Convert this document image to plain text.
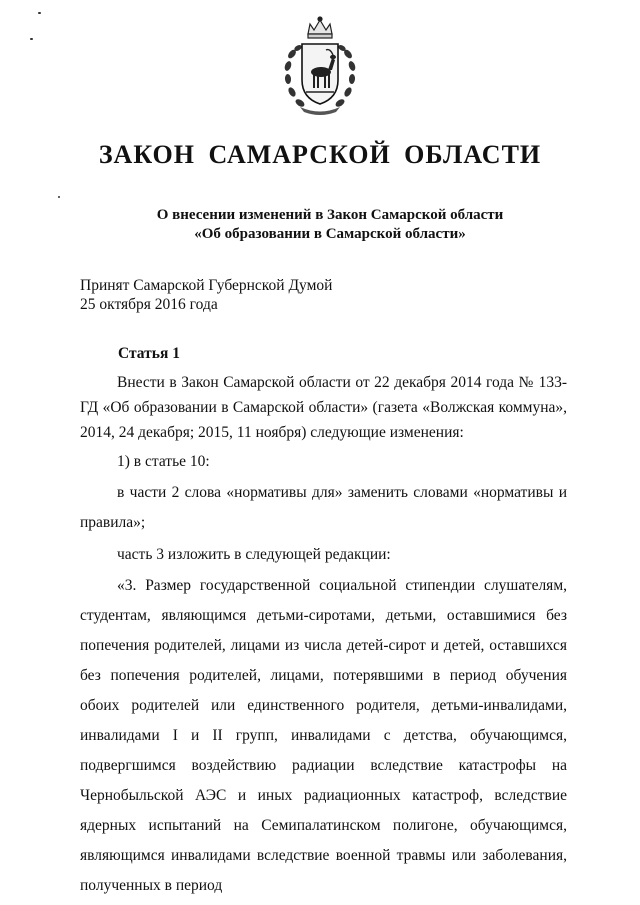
ЗАКОН САМАРСКОЙ ОБЛАСТИ
О внесении изменений в Закон Самарской области
«Об образовании в Самарской области»
Принят Самарской Губернской Думой
25 октября 2016 года
Статья 1

Внести в Закон Самарской области от 22 декабря 2014 года № 133-ГД «Об образовании в Самарской области» (газета «Волжская коммуна», 2014, 24 декабря; 2015, 11 ноября) следующие изменения:

1) в статье 10:

в части 2 слова «нормативы для» заменить словами «нормативы и правила»;

часть 3 изложить в следующей редакции:

«3. Размер государственной социальной стипендии слушателям, студентам, являющимся детьми-сиротами, детьми, оставшимися без попечения родителей, лицами из числа детей-сирот и детей, оставшихся без попечения родителей, лицами, потерявшими в период обучения обоих родителей или единственного родителя, детьми-инвалидами, инвалидами I и II групп, инвалидами с детства, обучающимся, подвергшимся воздействию радиации вследствие катастрофы на Чернобыльской АЭС и иных радиационных катастроф, вследствие ядерных испытаний на Семипалатинском полигоне, обучающимся, являющимся инвалидами вследствие военной травмы или заболевания, полученных в период
